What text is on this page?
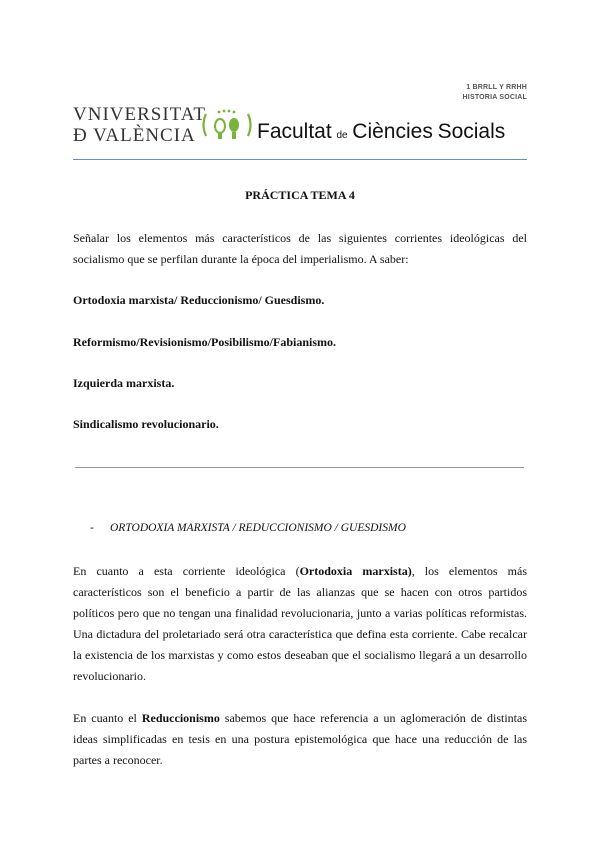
1 BRRLL Y RRHH
HISTORIA SOCIAL
VNIVERSITAT
Ð VALÈNCIA	Facultat de Ciències Socials
PRÁCTICA TEMA 4
Señalar los elementos más característicos de las siguientes corrientes ideológicas del socialismo que se perfilan durante la época del imperialismo. A saber:
Ortodoxia marxista/ Reduccionismo/ Guesdismo.
Reformismo/Revisionismo/Posibilismo/Fabianismo.
Izquierda marxista.
Sindicalismo revolucionario.
- ORTODOXIA MARXISTA / REDUCCIONISMO / GUESDISMO
En cuanto a esta corriente ideológica (Ortodoxia marxista), los elementos más característicos son el beneficio a partir de las alianzas que se hacen con otros partidos políticos pero que no tengan una finalidad revolucionaria, junto a varias políticas reformistas. Una dictadura del proletariado será otra característica que defina esta corriente. Cabe recalcar la existencia de los marxistas y como estos deseaban que el socialismo llegará a un desarrollo revolucionario.
En cuanto el Reduccionismo sabemos que hace referencia a un aglomeración de distintas ideas simplificadas en tesis en una postura epistemológica que hace una reducción de las partes a reconocer.
